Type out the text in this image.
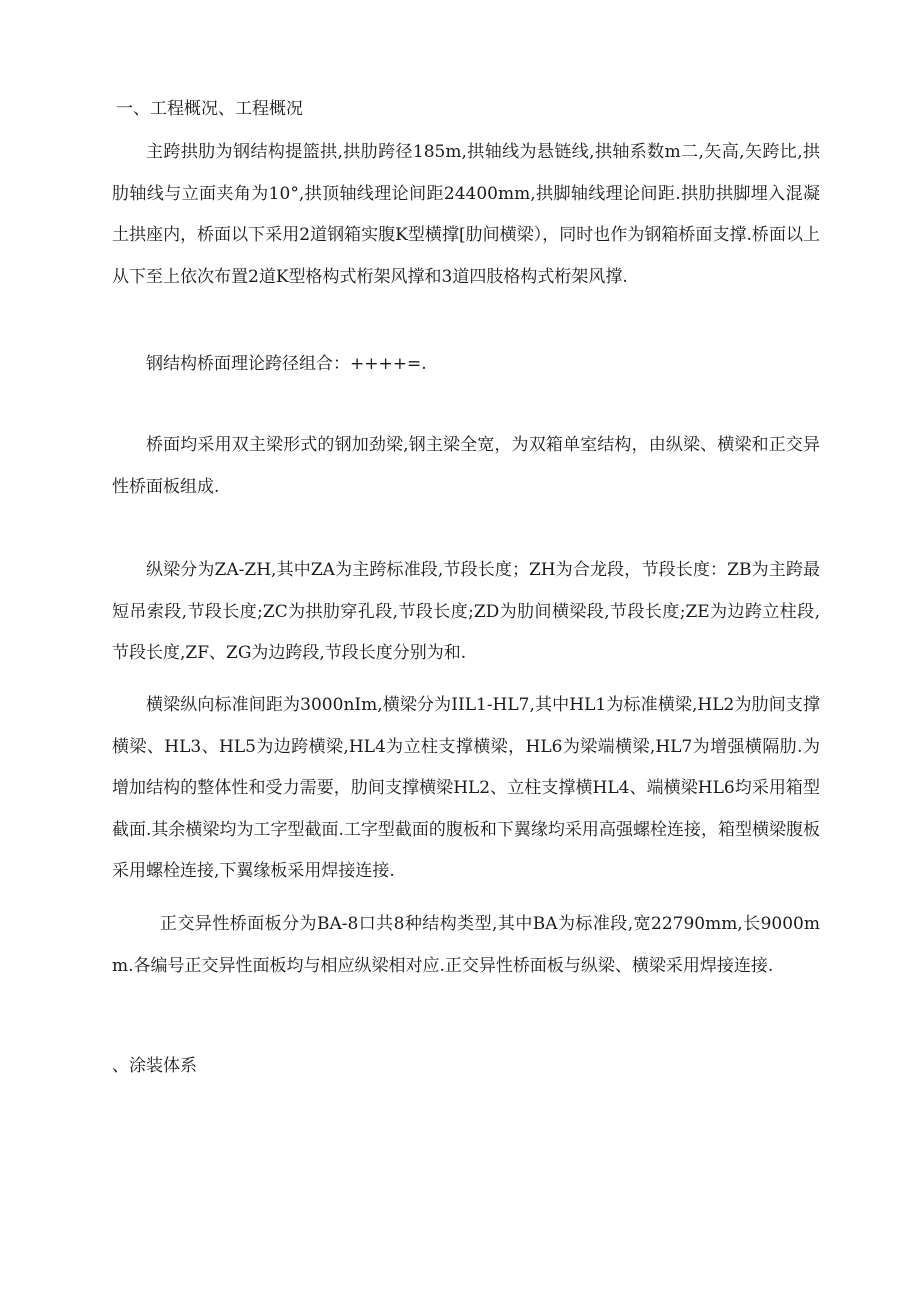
一、工程概况、工程概况

主跨拱肋为钢结构提篮拱,拱肋跨径185m,拱轴线为悬链线,拱轴系数m二,矢高,矢跨比,拱肋轴线与立面夹角为10°,拱顶轴线理论间距24400mm,拱脚轴线理论间距.拱肋拱脚埋入混凝土拱座内，桥面以下采用2道钢箱实腹K型横撑[肋间横梁），同时也作为钢箱桥面支撑.桥面以上从下至上依次布置2道K型格构式桁架风撑和3道四肢格构式桁架风撑.

钢结构桥面理论跨径组合：++++=.

桥面均采用双主梁形式的钢加劲梁,钢主梁全宽，为双箱单室结构，由纵梁、横梁和正交异性桥面板组成.

纵梁分为ZA-ZH,其中ZA为主跨标准段,节段长度；ZH为合龙段，节段长度：ZB为主跨最短吊索段,节段长度;ZC为拱肋穿孔段,节段长度;ZD为肋间横梁段,节段长度;ZE为边跨立柱段,节段长度,ZF、ZG为边跨段,节段长度分别为和.

横梁纵向标准间距为3000nIm,横梁分为IIL1-HL7,其中HL1为标准横梁,HL2为肋间支撑横梁、HL3、HL5为边跨横梁,HL4为立柱支撑横梁，HL6为梁端横梁,HL7为增强横隔肋.为增加结构的整体性和受力需要，肋间支撑横梁HL2、立柱支撑横HL4、端横梁HL6均采用箱型截面.其余横梁均为工字型截面.工字型截面的腹板和下翼缘均采用高强螺栓连接，箱型横梁腹板采用螺栓连接,下翼缘板采用焊接连接.

正交异性桥面板分为BA-8口共8种结构类型,其中BA为标准段,宽22790mm,长9000mm.各编号正交异性面板均与相应纵梁相对应.正交异性桥面板与纵梁、横梁采用焊接连接.

、涂装体系
